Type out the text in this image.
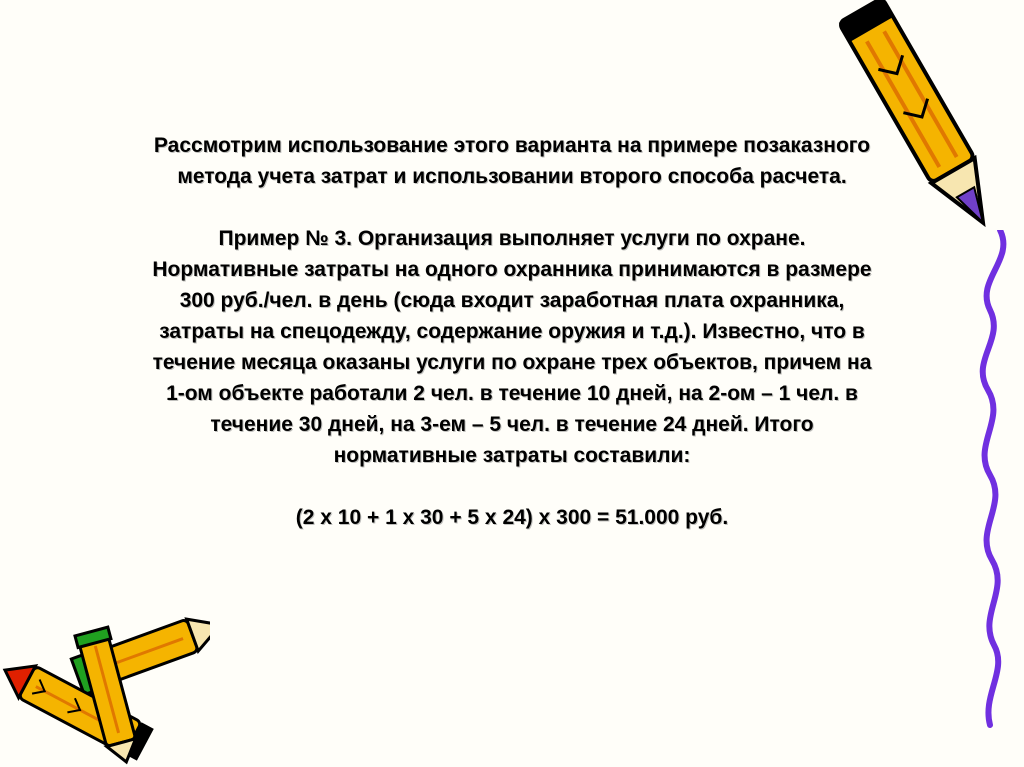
Рассмотрим использование этого варианта на примере позаказного

метода учета затрат и использовании второго способа расчета.

Пример № 3. Организация выполняет услуги по охране.

Нормативные затраты на одного охранника принимаются в размере

300 руб./чел. в день (сюда входит заработная плата охранника,

затраты на спецодежду, содержание оружия и т.д.). Известно, что в

течение месяца оказаны услуги по охране трех объектов, причем на

1-ом объекте работали 2 чел. в течение 10 дней, на 2-ом – 1 чел. в

течение 30 дней, на 3-ем – 5 чел. в течение 24 дней. Итого

нормативные затраты составили:

(2 x 10 + 1 x 30 + 5 x 24) x 300 = 51.000 руб.
